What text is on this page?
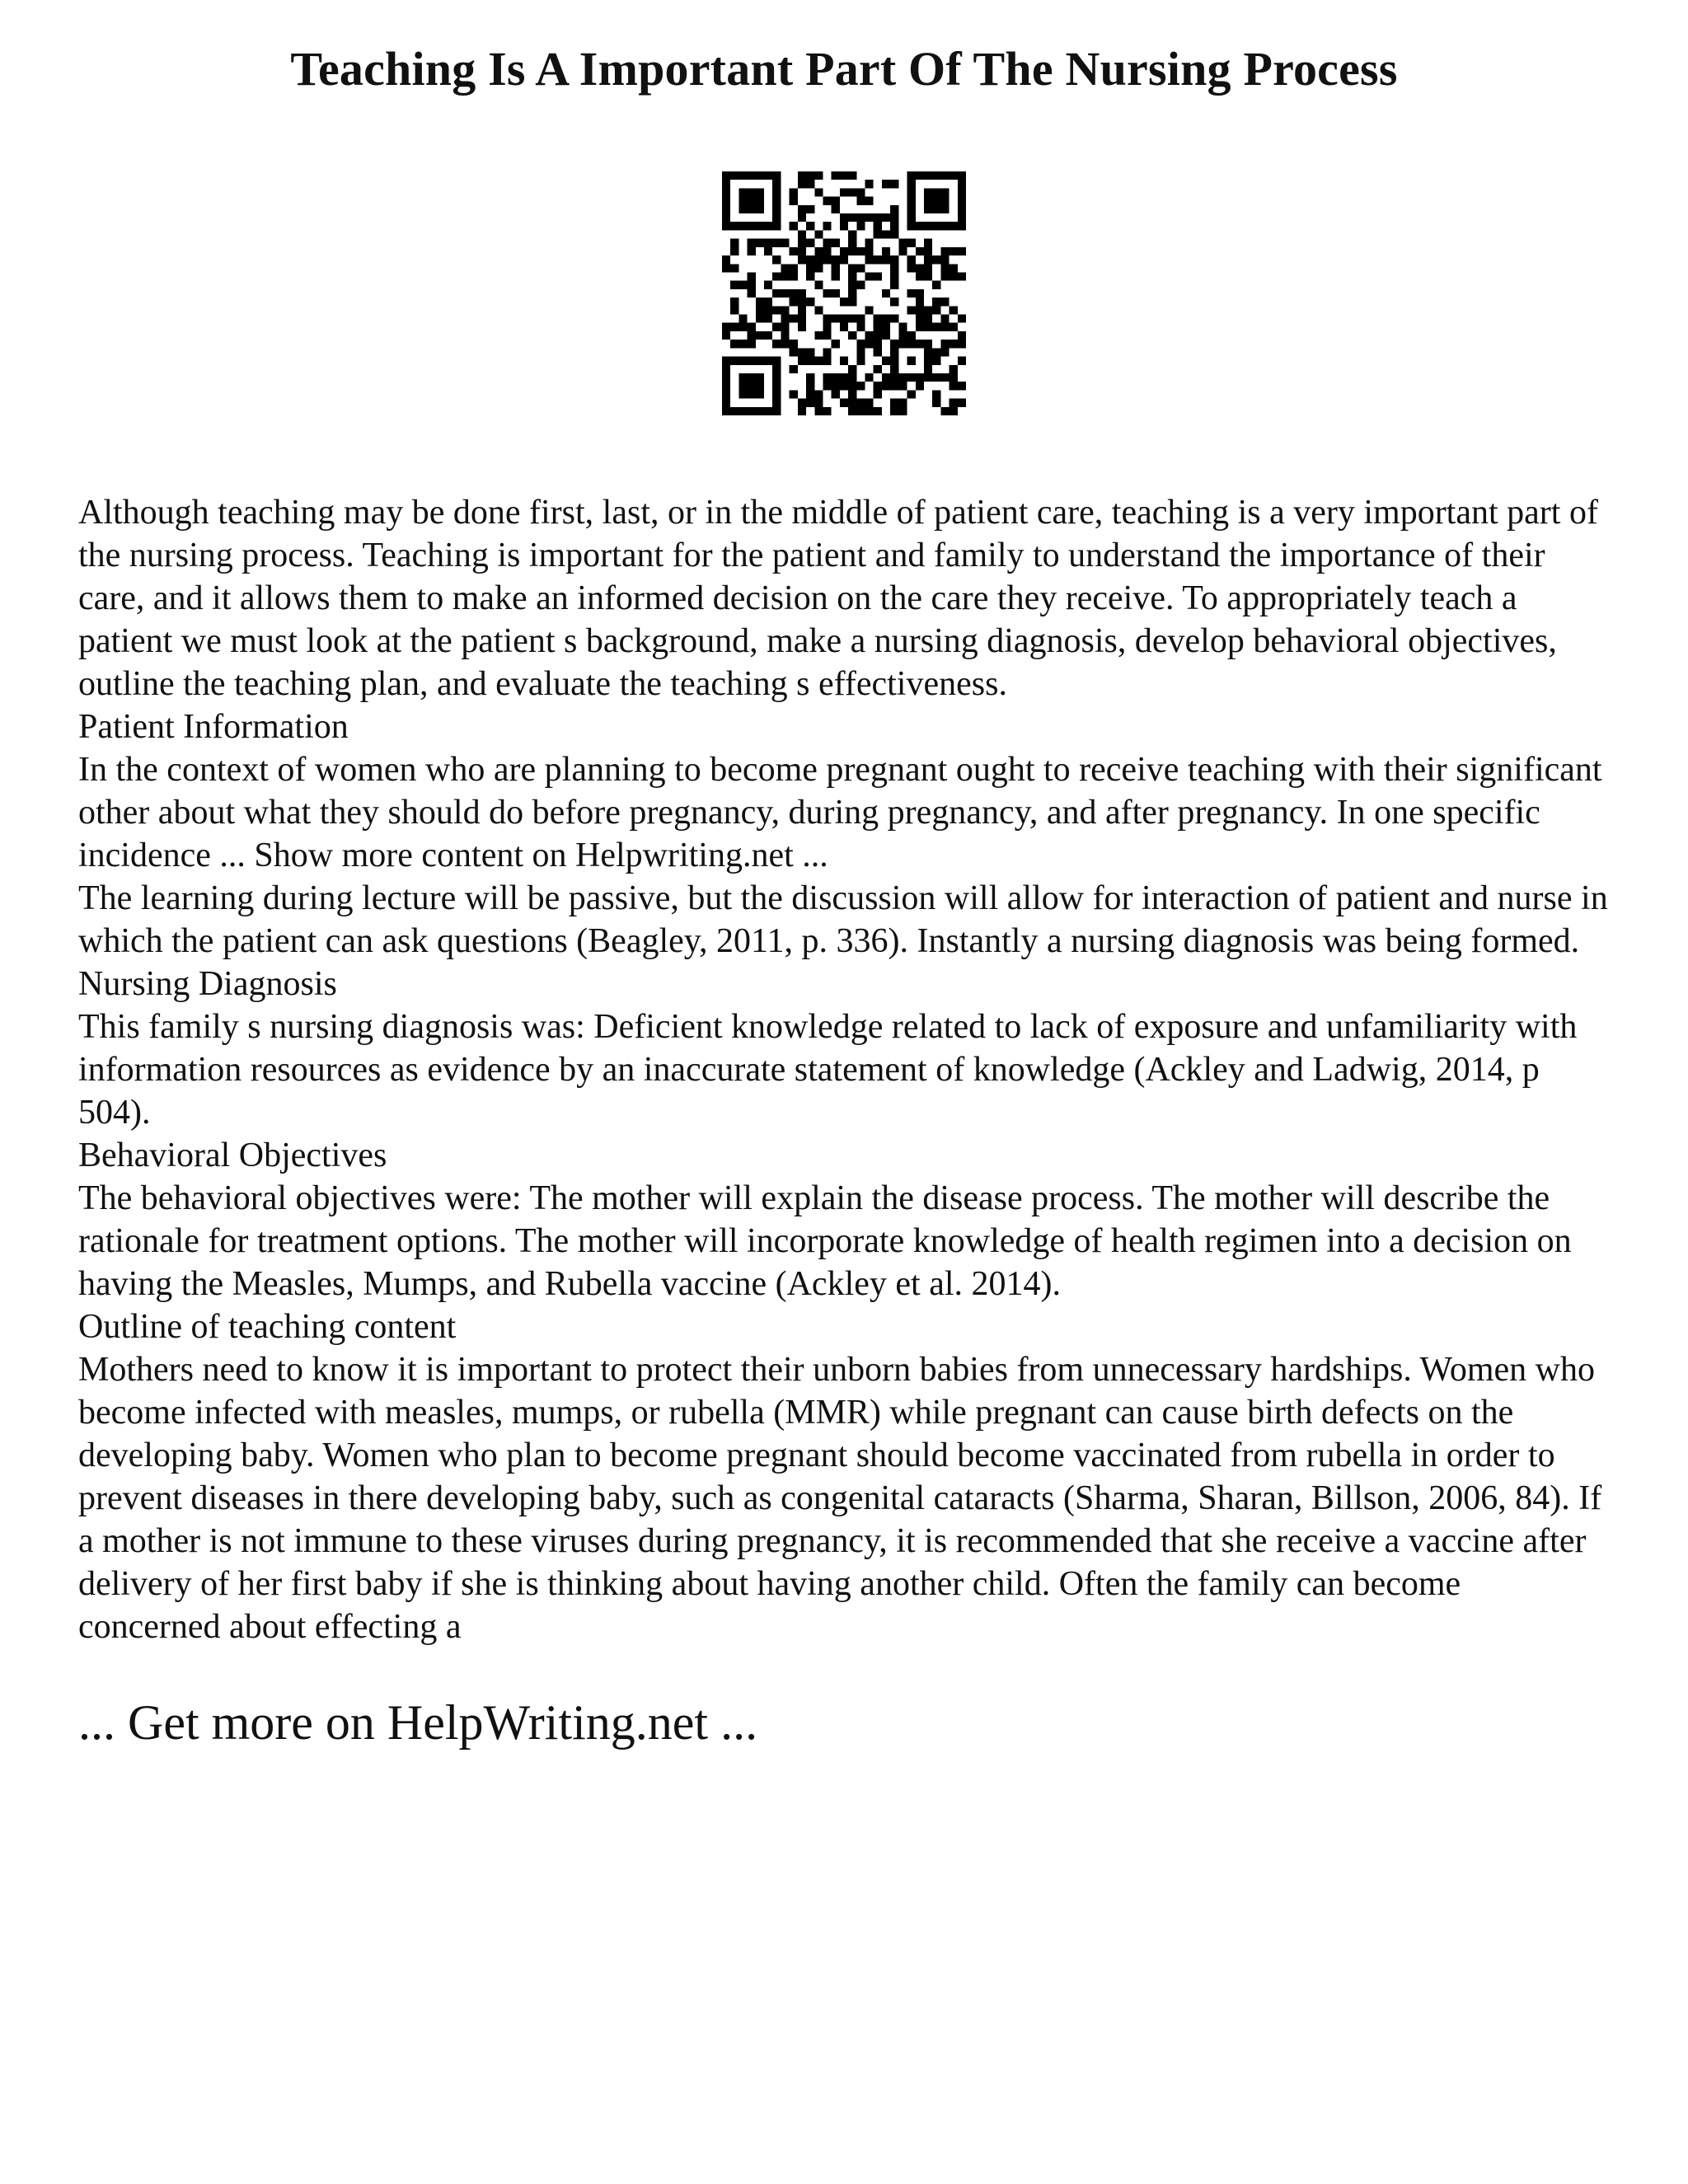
Teaching Is A Important Part Of The Nursing Process

Although teaching may be done first, last, or in the middle of patient care, teaching is a very important part of the nursing process. Teaching is important for the patient and family to understand the importance of their care, and it allows them to make an informed decision on the care they receive. To appropriately teach a patient we must look at the patient s background, make a nursing diagnosis, develop behavioral objectives, outline the teaching plan, and evaluate the teaching s effectiveness.

Patient Information

In the context of women who are planning to become pregnant ought to receive teaching with their significant other about what they should do before pregnancy, during pregnancy, and after pregnancy. In one specific incidence ... Show more content on Helpwriting.net ...

The learning during lecture will be passive, but the discussion will allow for interaction of patient and nurse in which the patient can ask questions (Beagley, 2011, p. 336). Instantly a nursing diagnosis was being formed.

Nursing Diagnosis

This family s nursing diagnosis was: Deficient knowledge related to lack of exposure and unfamiliarity with information resources as evidence by an inaccurate statement of knowledge (Ackley and Ladwig, 2014, p 504).

Behavioral Objectives

The behavioral objectives were: The mother will explain the disease process. The mother will describe the rationale for treatment options. The mother will incorporate knowledge of health regimen into a decision on having the Measles, Mumps, and Rubella vaccine (Ackley et al. 2014).

Outline of teaching content

Mothers need to know it is important to protect their unborn babies from unnecessary hardships. Women who become infected with measles, mumps, or rubella (MMR) while pregnant can cause birth defects on the developing baby. Women who plan to become pregnant should become vaccinated from rubella in order to prevent diseases in there developing baby, such as congenital cataracts (Sharma, Sharan, Billson, 2006, 84). If a mother is not immune to these viruses during pregnancy, it is recommended that she receive a vaccine after delivery of her first baby if she is thinking about having another child. Often the family can become concerned about effecting a

... Get more on HelpWriting.net ...
